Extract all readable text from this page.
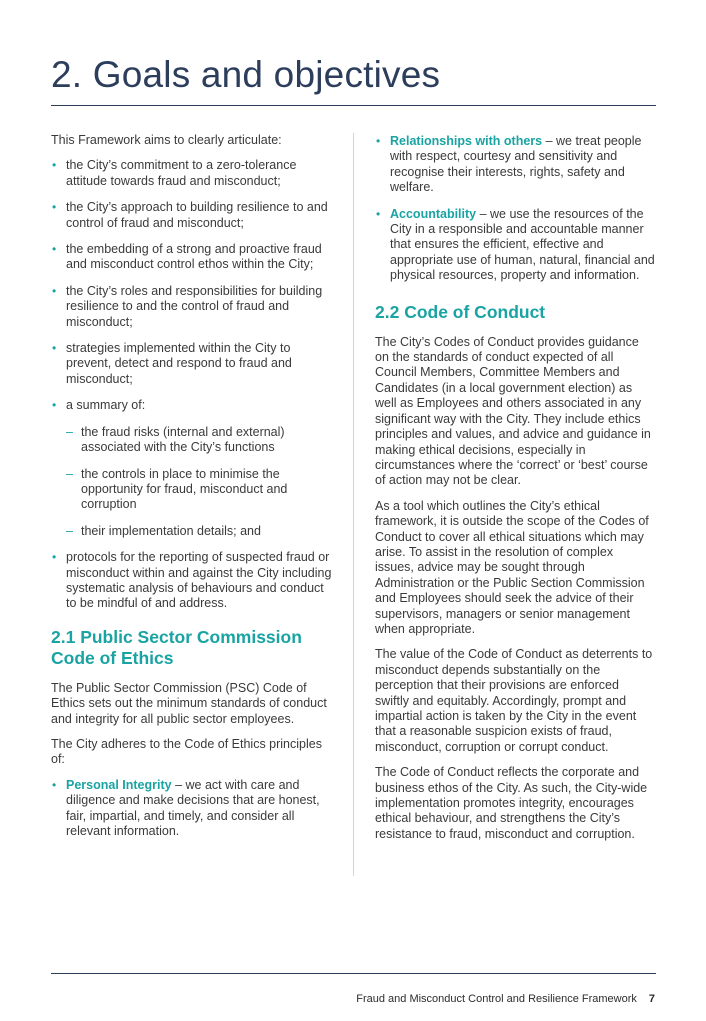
2. Goals and objectives

This Framework aims to clearly articulate:

• the City’s commitment to a zero-tolerance attitude towards fraud and misconduct;
• the City’s approach to building resilience to and control of fraud and misconduct;
• the embedding of a strong and proactive fraud and misconduct control ethos within the City;
• the City’s roles and responsibilities for building resilience to and the control of fraud and misconduct;
• strategies implemented within the City to prevent, detect and respond to fraud and misconduct;
• a summary of:
– the fraud risks (internal and external) associated with the City’s functions
– the controls in place to minimise the opportunity for fraud, misconduct and corruption
– their implementation details; and
• protocols for the reporting of suspected fraud or misconduct within and against the City including systematic analysis of behaviours and conduct to be mindful of and address.
2.1 Public Sector Commission Code of Ethics

The Public Sector Commission (PSC) Code of Ethics sets out the minimum standards of conduct and integrity for all public sector employees.

The City adheres to the Code of Ethics principles of:

• Personal Integrity – we act with care and diligence and make decisions that are honest, fair, impartial, and timely, and consider all relevant information.
• Relationships with others – we treat people with respect, courtesy and sensitivity and recognise their interests, rights, safety and welfare.
• Accountability – we use the resources of the City in a responsible and accountable manner that ensures the efficient, effective and appropriate use of human, natural, financial and physical resources, property and information.
2.2 Code of Conduct

The City’s Codes of Conduct provides guidance on the standards of conduct expected of all Council Members, Committee Members and Candidates (in a local government election) as well as Employees and others associated in any significant way with the City. They include ethics principles and values, and advice and guidance in making ethical decisions, especially in circumstances where the ‘correct’ or ‘best’ course of action may not be clear.

As a tool which outlines the City’s ethical framework, it is outside the scope of the Codes of Conduct to cover all ethical situations which may arise. To assist in the resolution of complex issues, advice may be sought through Administration or the Public Section Commission and Employees should seek the advice of their supervisors, managers or senior management when appropriate.

The value of the Code of Conduct as deterrents to misconduct depends substantially on the perception that their provisions are enforced swiftly and equitably. Accordingly, prompt and impartial action is taken by the City in the event that a reasonable suspicion exists of fraud, misconduct, corruption or corrupt conduct.

The Code of Conduct reflects the corporate and business ethos of the City. As such, the City-wide implementation promotes integrity, encourages ethical behaviour, and strengthens the City’s resistance to fraud, misconduct and corruption.

Fraud and Misconduct Control and Resilience Framework 7
